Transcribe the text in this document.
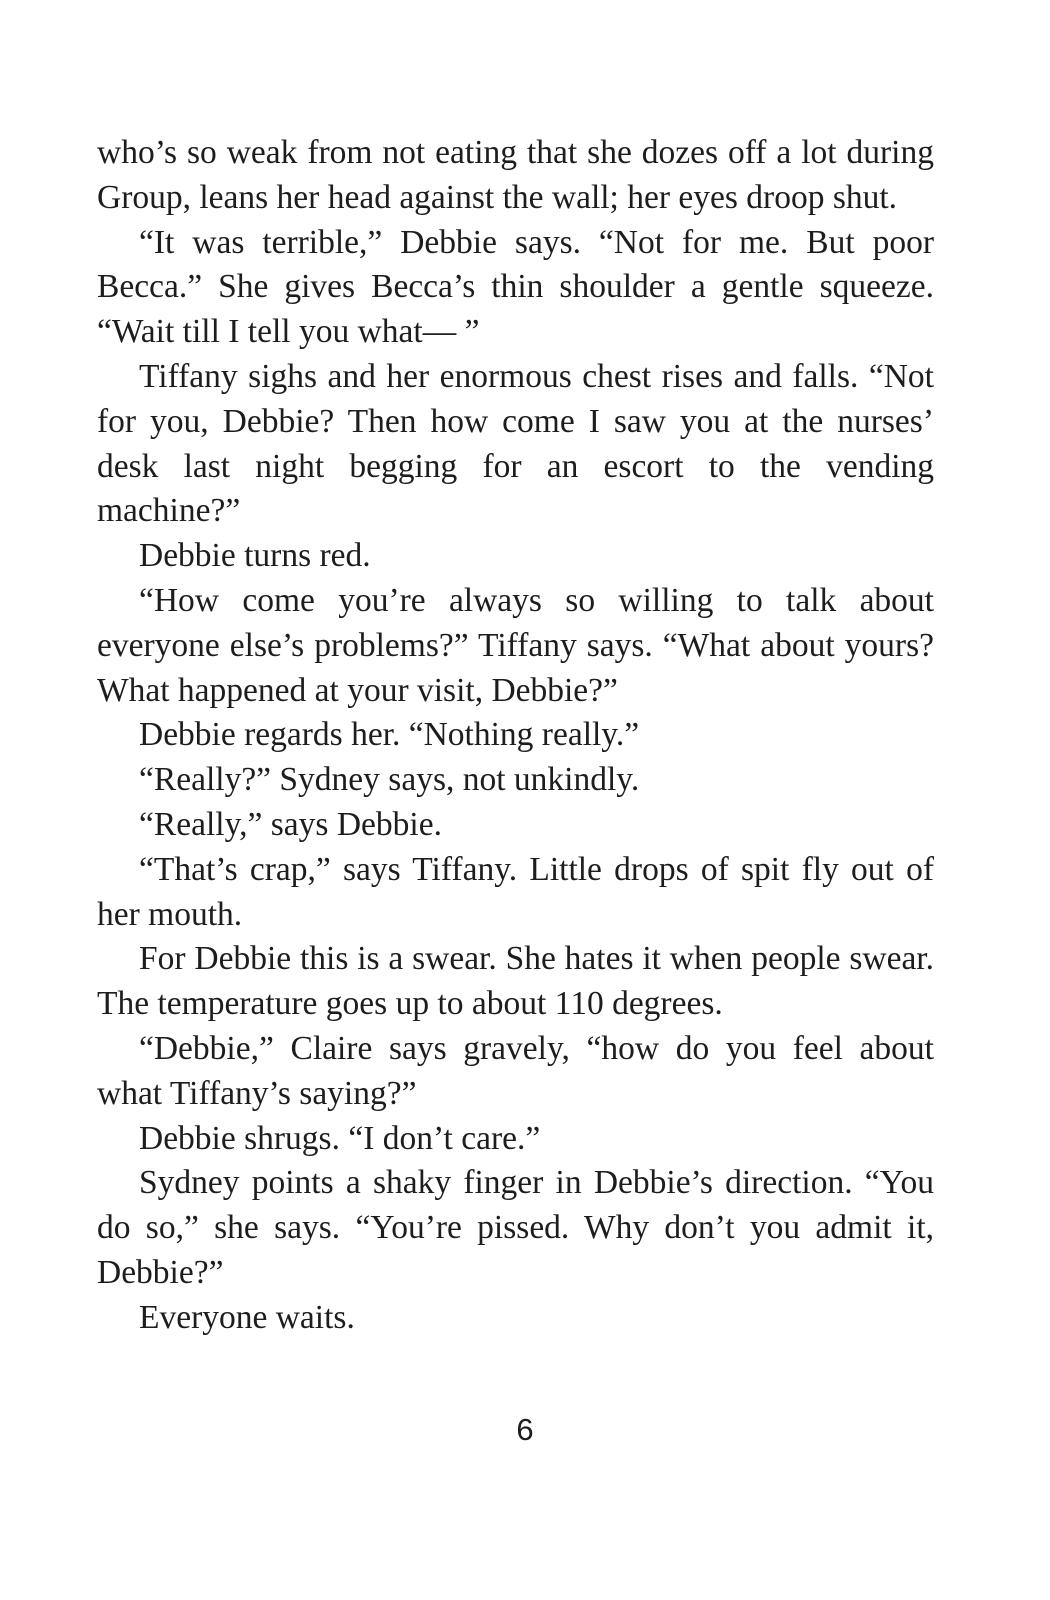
who’s so weak from not eating that she dozes off a lot during Group, leans her head against the wall; her eyes droop shut.

“It was terrible,” Debbie says. “Not for me. But poor Becca.” She gives Becca’s thin shoulder a gentle squeeze. “Wait till I tell you what— ”

Tiffany sighs and her enormous chest rises and falls. “Not for you, Debbie? Then how come I saw you at the nurses’ desk last night begging for an escort to the vending machine?”

Debbie turns red.

“How come you’re always so willing to talk about everyone else’s problems?” Tiffany says. “What about yours? What happened at your visit, Debbie?”

Debbie regards her. “Nothing really.”

“Really?” Sydney says, not unkindly.

“Really,” says Debbie.

“That’s crap,” says Tiffany. Little drops of spit fly out of her mouth.

For Debbie this is a swear. She hates it when people swear. The temperature goes up to about 110 degrees.

“Debbie,” Claire says gravely, “how do you feel about what Tiffany’s saying?”

Debbie shrugs. “I don’t care.”

Sydney points a shaky finger in Debbie’s direction. “You do so,” she says. “You’re pissed. Why don’t you admit it, Debbie?”

Everyone waits.

6
